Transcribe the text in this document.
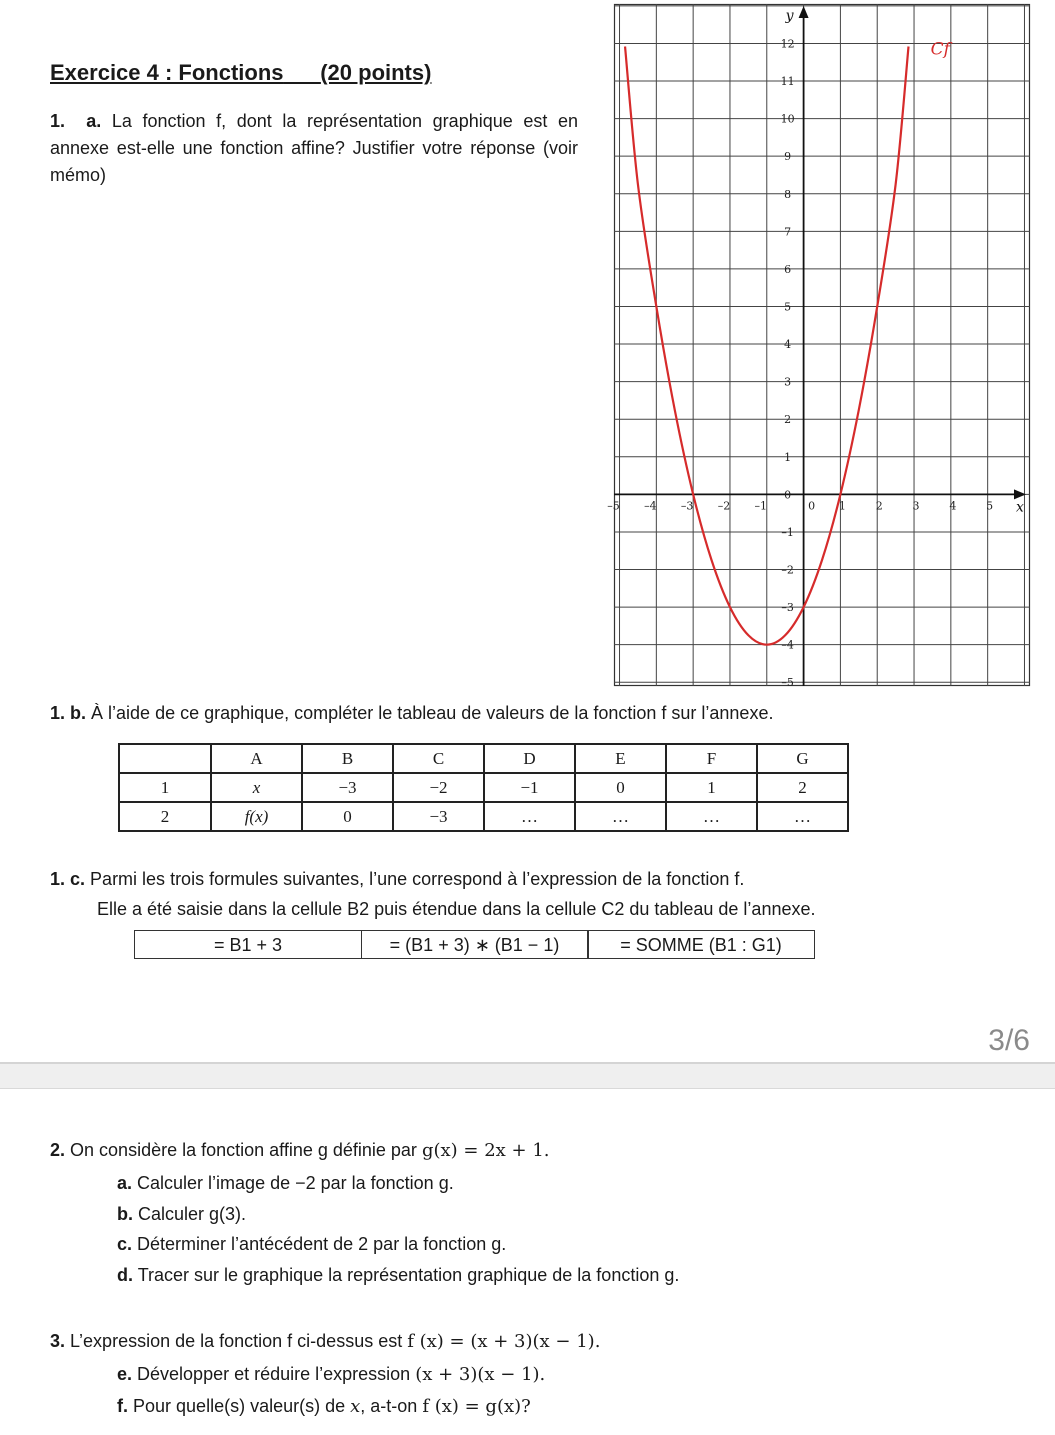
Exercice 4 : Fonctions (20 points)
1. a. La fonction f, dont la représentation graphique est en annexe est-elle une fonction affine? Justifier votre réponse (voir mémo)
–5 –4 –3 –2 –1	1	2	3	4	5
–5
–4
–3
–2
–1
0
1
2
3
4
5
6
7
8
9
10
11
12
0	x
y
Cf
1. b. À l’aide de ce graphique, compléter le tableau de valeurs de la fonction f sur l’annexe.
	A	B	C	D	E	F	G
1	x	−3	−2	−1	0	1	2
2	f(x)	0	−3	…	…	…	…
1. c. Parmi les trois formules suivantes, l’une correspond à l’expression de la fonction f.
Elle a été saisie dans la cellule B2 puis étendue dans la cellule C2 du tableau de l’annexe.
= B1 + 3	= (B1 + 3) ∗ (B1 − 1)	= SOMME (B1 : G1)
3/6
2. On considère la fonction affine g définie par g(x) = 2x + 1.
a. Calculer l’image de −2 par la fonction g.
b. Calculer g(3).
c. Déterminer l’antécédent de 2 par la fonction g.
d. Tracer sur le graphique la représentation graphique de la fonction g.
3. L’expression de la fonction f ci-dessus est f (x) = (x + 3)(x − 1).
e. Développer et réduire l’expression (x + 3)(x − 1).
f. Pour quelle(s) valeur(s) de x, a-t-on f (x) = g(x)?
